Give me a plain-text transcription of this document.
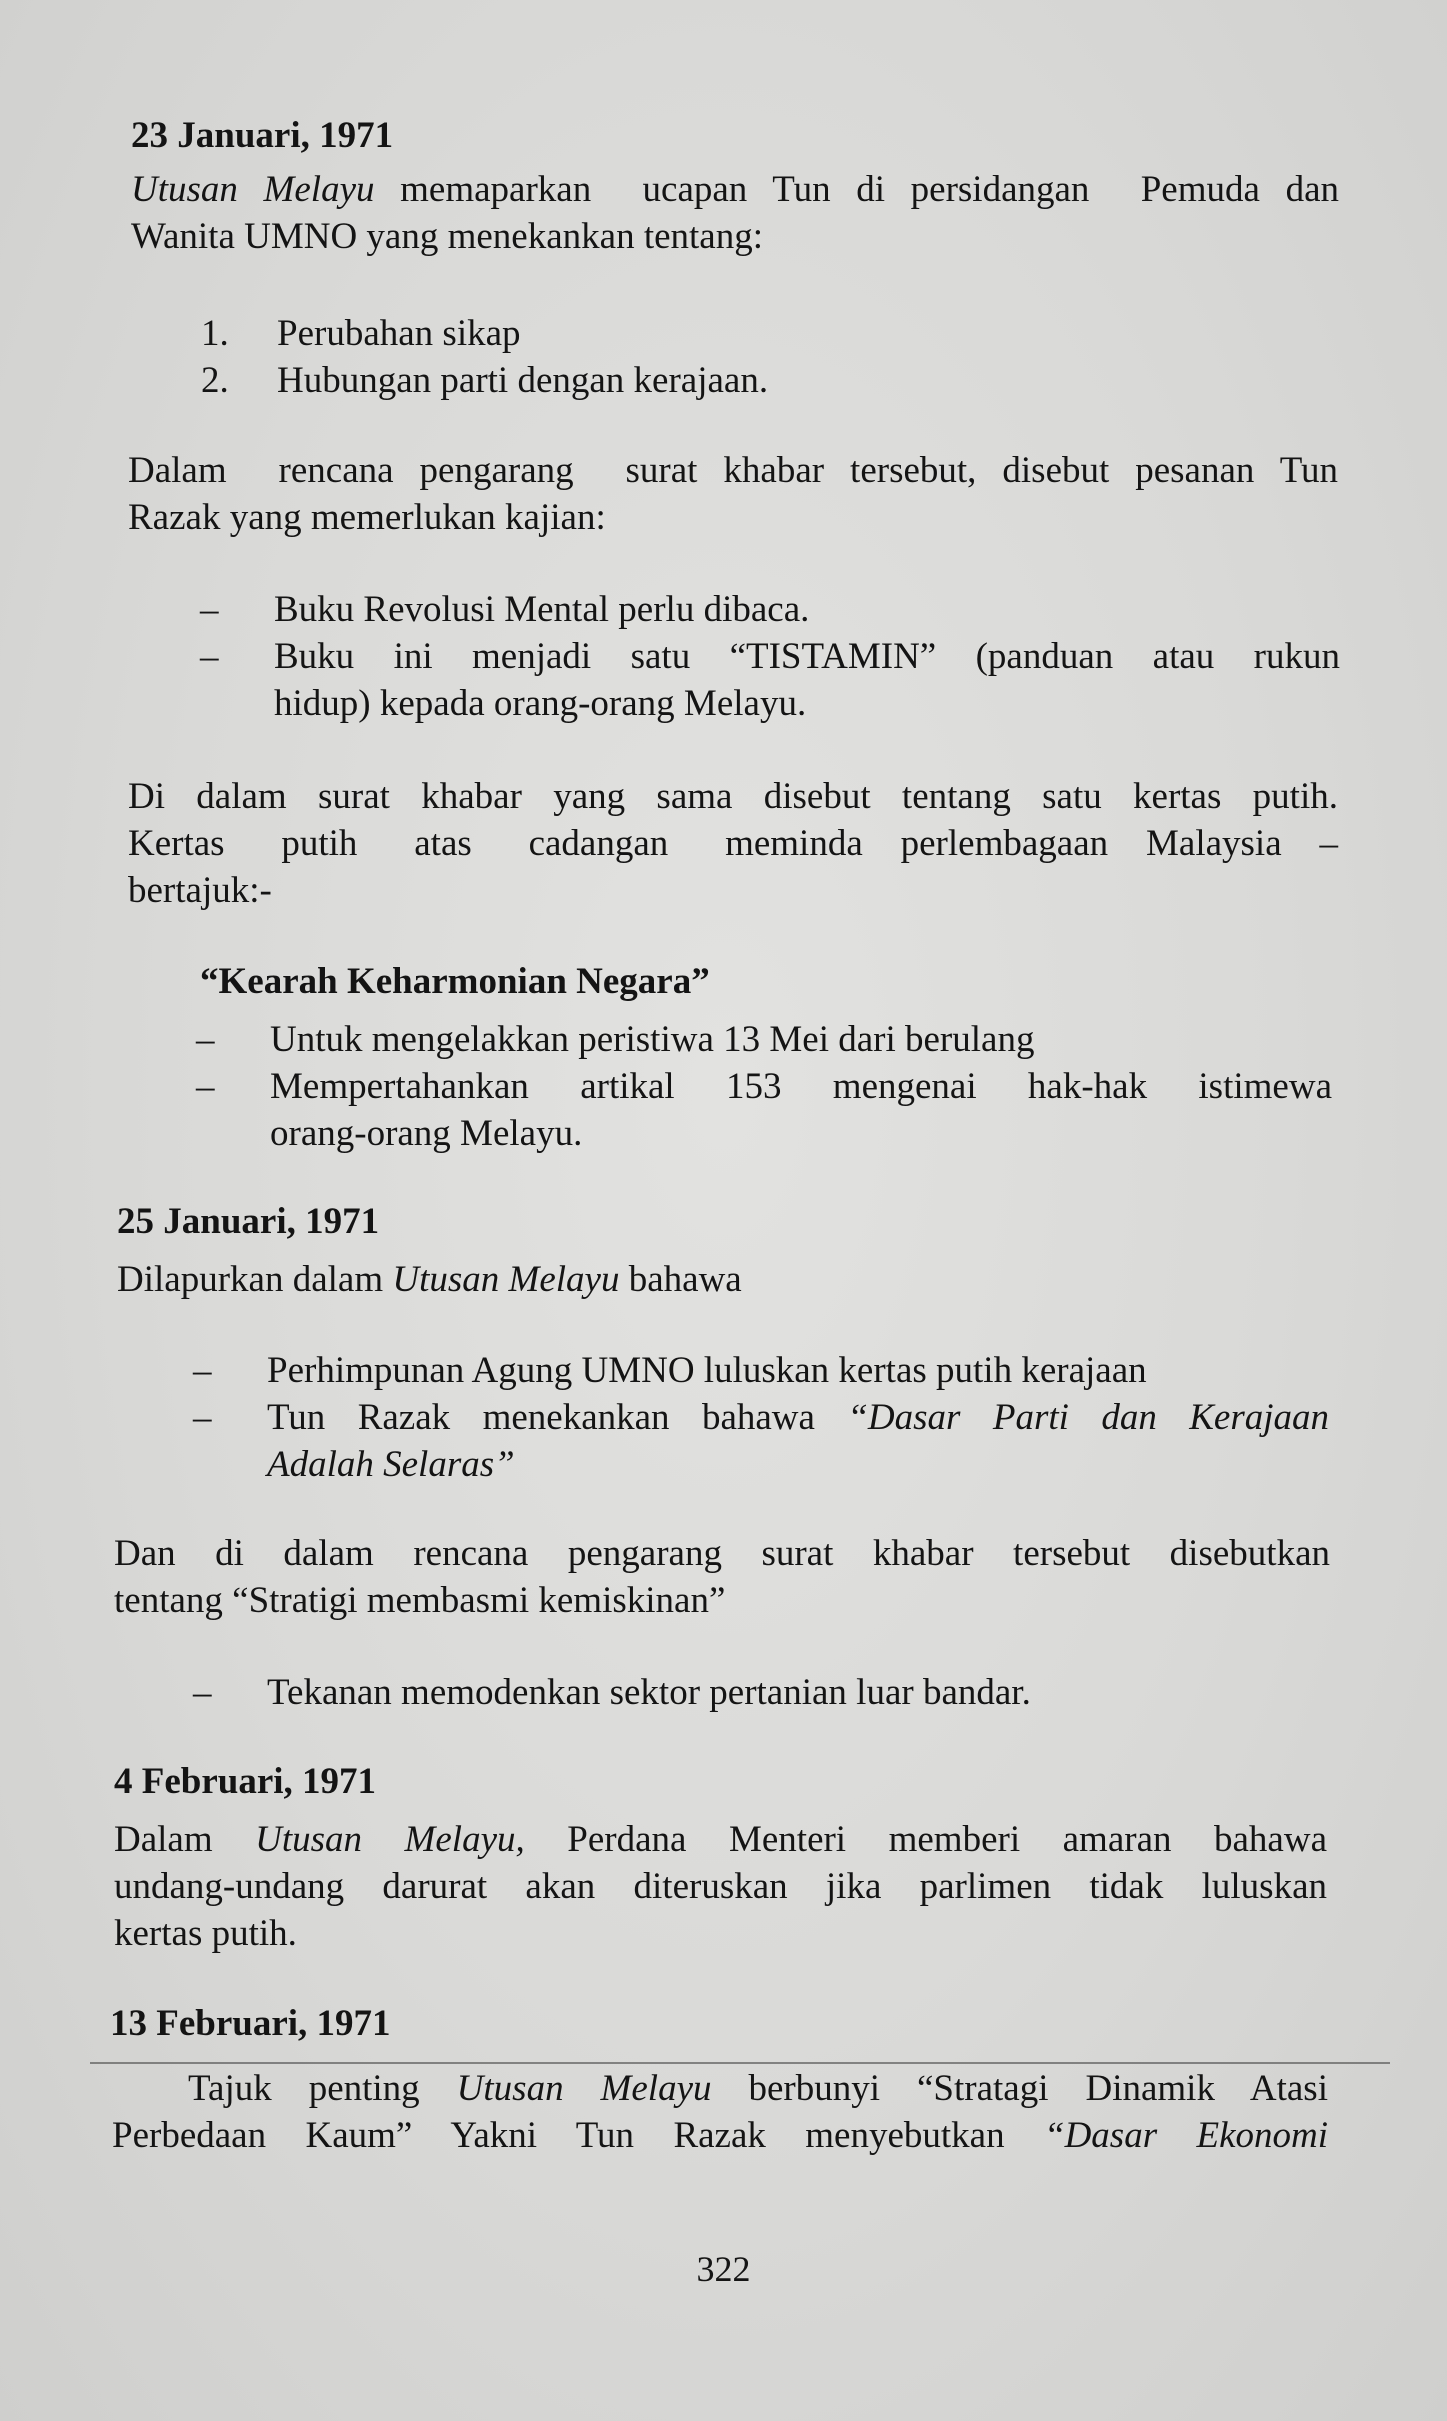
23 Januari, 1971
Utusan Melayu memaparkan  ucapan Tun di persidangan  Pemuda dan
Wanita UMNO yang menekankan tentang:
1. Perubahan sikap
2. Hubungan parti dengan kerajaan.
Dalam  rencana pengarang  surat khabar tersebut, disebut pesanan Tun
Razak yang memerlukan kajian:
– Buku Revolusi Mental perlu dibaca.
– Buku  ini  menjadi  satu  “TISTAMIN”  (panduan  atau  rukun
hidup) kepada orang-orang Melayu.
Di  dalam  surat  khabar  yang  sama  disebut  tentang  satu  kertas  putih.
Kertas   putih   atas   cadangan   meminda  perlembagaan  Malaysia  –
bertajuk:-
“Kearah Keharmonian Negara”
– Untuk mengelakkan peristiwa 13 Mei dari berulang
– Mempertahankan  artikal  153  mengenai  hak-hak  istimewa
orang-orang Melayu.
25 Januari, 1971
Dilapurkan dalam Utusan Melayu bahawa
– Perhimpunan Agung UMNO luluskan kertas putih kerajaan
– Tun  Razak  menekankan  bahawa  “Dasar  Parti  dan  Kerajaan
Adalah Selaras”
Dan  di  dalam  rencana  pengarang  surat  khabar  tersebut  disebutkan
tentang “Stratigi membasmi kemiskinan”
– Tekanan memodenkan sektor pertanian luar bandar.
4 Februari, 1971
Dalam  Utusan  Melayu,  Perdana  Menteri  memberi  amaran  bahawa
undang-undang  darurat  akan  diteruskan  jika  parlimen  tidak  luluskan
kertas putih.
13 Februari, 1971
Tajuk  penting  Utusan  Melayu  berbunyi  “Stratagi  Dinamik  Atasi
Perbedaan  Kaum”  Yakni  Tun  Razak  menyebutkan  “Dasar  Ekonomi
322
